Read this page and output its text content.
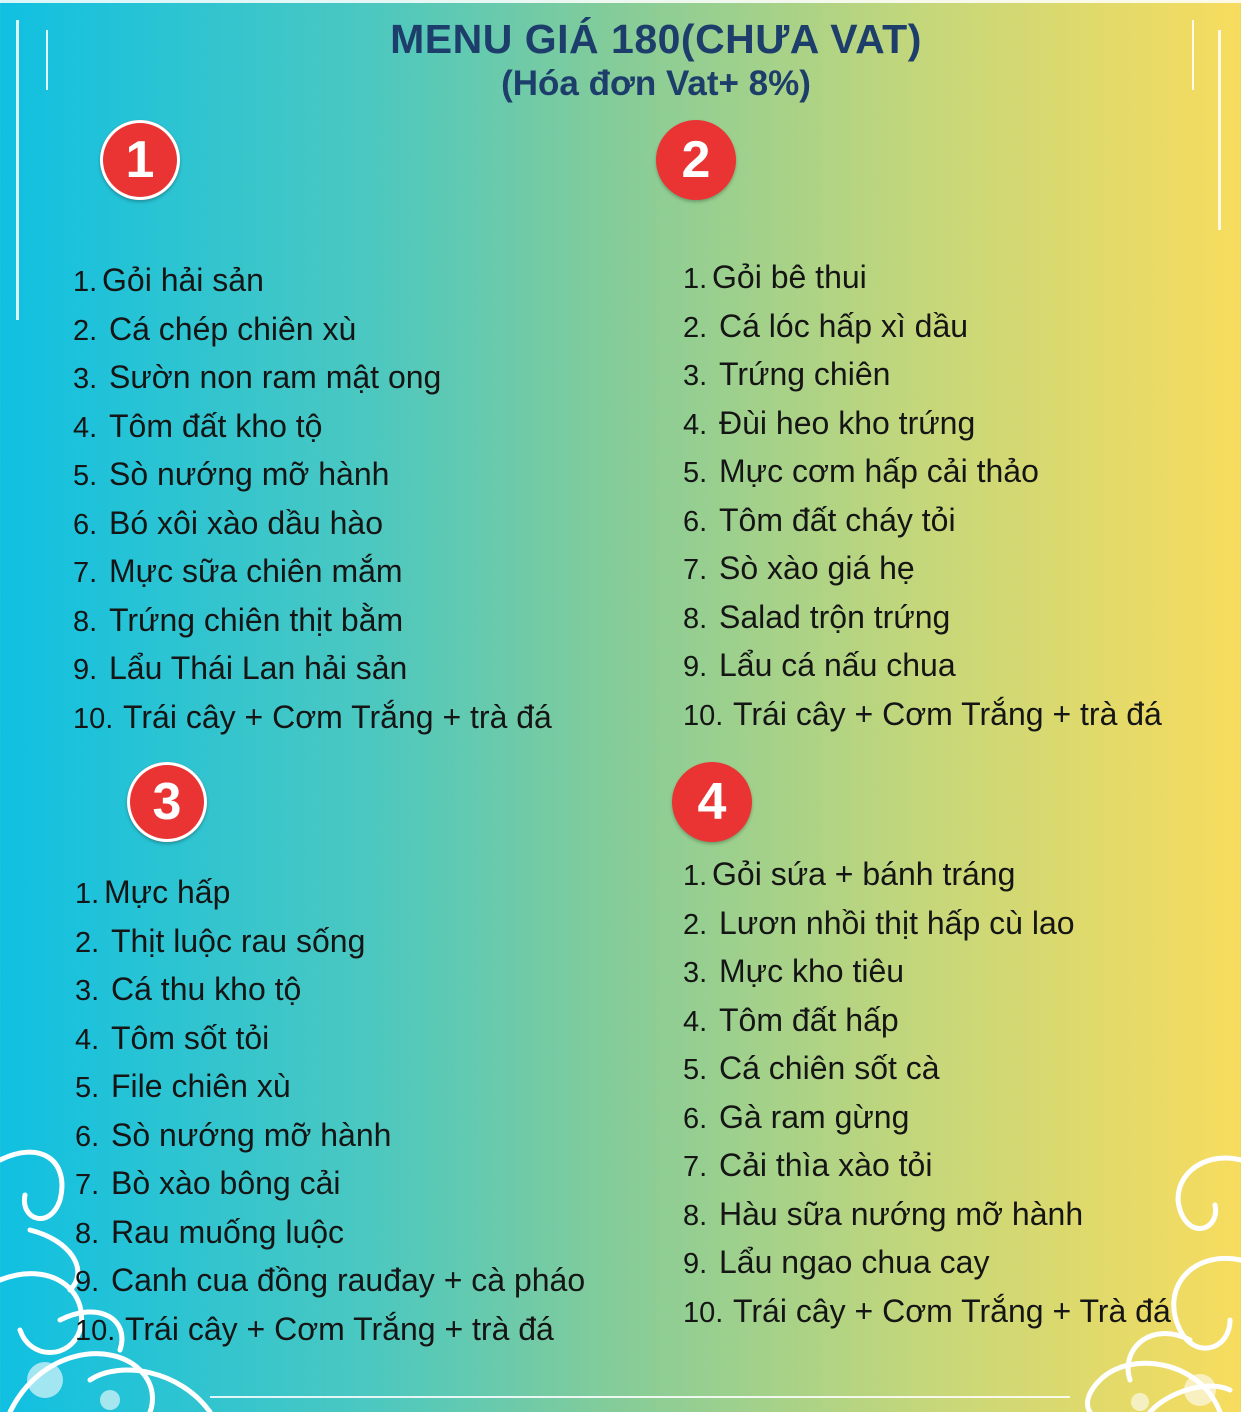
MENU GIÁ 180(CHƯA VAT)
(Hóa đơn Vat+ 8%)
1	2
3	4
1. Gỏi hải sản
2. Cá chép chiên xù
3. Sườn non ram mật ong
4. Tôm đất kho tộ
5. Sò nướng mỡ hành
6. Bó xôi xào dầu hào
7. Mực sữa chiên mắm
8. Trứng chiên thịt bằm
9. Lẩu Thái Lan hải sản
10. Trái cây + Cơm Trắng + trà đá
1. Gỏi bê thui
2. Cá lóc hấp xì dầu
3. Trứng chiên
4. Đùi heo kho trứng
5. Mực cơm hấp cải thảo
6. Tôm đất cháy tỏi
7. Sò xào giá hẹ
8. Salad trộn trứng
9. Lẩu cá nấu chua
10. Trái cây + Cơm Trắng + trà đá
1. Mực hấp
2. Thịt luộc rau sống
3. Cá thu kho tộ
4. Tôm sốt tỏi
5. File chiên xù
6. Sò nướng mỡ hành
7. Bò xào bông cải
8. Rau muống luộc
9. Canh cua đồng rauđay + cà pháo
10. Trái cây + Cơm Trắng + trà đá
1. Gỏi sứa + bánh tráng
2. Lươn nhồi thịt hấp cù lao
3. Mực kho tiêu
4. Tôm đất hấp
5. Cá chiên sốt cà
6. Gà ram gừng
7. Cải thìa xào tỏi
8. Hàu sữa nướng mỡ hành
9. Lẩu ngao chua cay
10. Trái cây + Cơm Trắng + Trà đá
